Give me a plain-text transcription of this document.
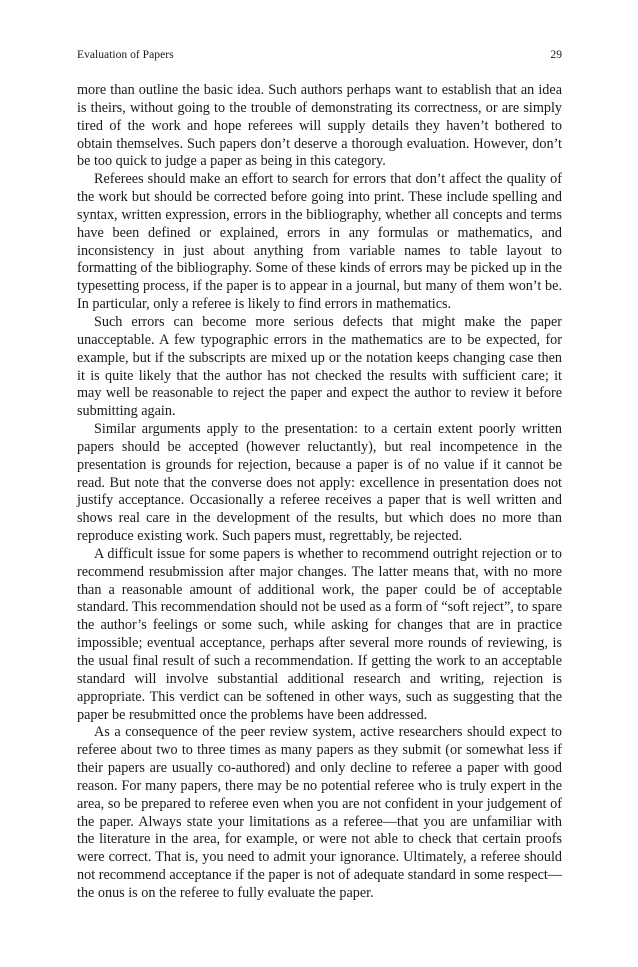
Evaluation of Papers	29

more than outline the basic idea. Such authors perhaps want to establish that an idea is theirs, without going to the trouble of demonstrating its correctness, or are simply tired of the work and hope referees will supply details they haven’t bothered to obtain themselves. Such papers don’t deserve a thorough evaluation. However, don’t be too quick to judge a paper as being in this category.

Referees should make an effort to search for errors that don’t affect the quality of the work but should be corrected before going into print. These include spelling and syntax, written expression, errors in the bibliography, whether all concepts and terms have been defined or explained, errors in any formulas or mathematics, and inconsistency in just about anything from variable names to table layout to formatting of the bibliography. Some of these kinds of errors may be picked up in the typesetting process, if the paper is to appear in a journal, but many of them won’t be. In particular, only a referee is likely to find errors in mathematics.

Such errors can become more serious defects that might make the paper unacceptable. A few typographic errors in the mathematics are to be expected, for example, but if the subscripts are mixed up or the notation keeps changing case then it is quite likely that the author has not checked the results with sufficient care; it may well be reasonable to reject the paper and expect the author to review it before submitting again.

Similar arguments apply to the presentation: to a certain extent poorly written papers should be accepted (however reluctantly), but real incompetence in the presentation is grounds for rejection, because a paper is of no value if it cannot be read. But note that the converse does not apply: excellence in presentation does not justify acceptance. Occasionally a referee receives a paper that is well written and shows real care in the development of the results, but which does no more than reproduce existing work. Such papers must, regrettably, be rejected.

A difficult issue for some papers is whether to recommend outright rejection or to recommend resubmission after major changes. The latter means that, with no more than a reasonable amount of additional work, the paper could be of acceptable standard. This recommendation should not be used as a form of “soft reject”, to spare the author’s feelings or some such, while asking for changes that are in practice impossible; eventual acceptance, perhaps after several more rounds of reviewing, is the usual final result of such a recommendation. If getting the work to an acceptable standard will involve substantial additional research and writing, rejection is appropriate. This verdict can be softened in other ways, such as suggesting that the paper be resubmitted once the problems have been addressed.

As a consequence of the peer review system, active researchers should expect to referee about two to three times as many papers as they submit (or somewhat less if their papers are usually co-authored) and only decline to referee a paper with good reason. For many papers, there may be no potential referee who is truly expert in the area, so be prepared to referee even when you are not confident in your judgement of the paper. Always state your limitations as a referee—that you are unfamiliar with the literature in the area, for example, or were not able to check that certain proofs were correct. That is, you need to admit your ignorance. Ultimately, a referee should not recommend acceptance if the paper is not of adequate standard in some respect—the onus is on the referee to fully evaluate the paper.
